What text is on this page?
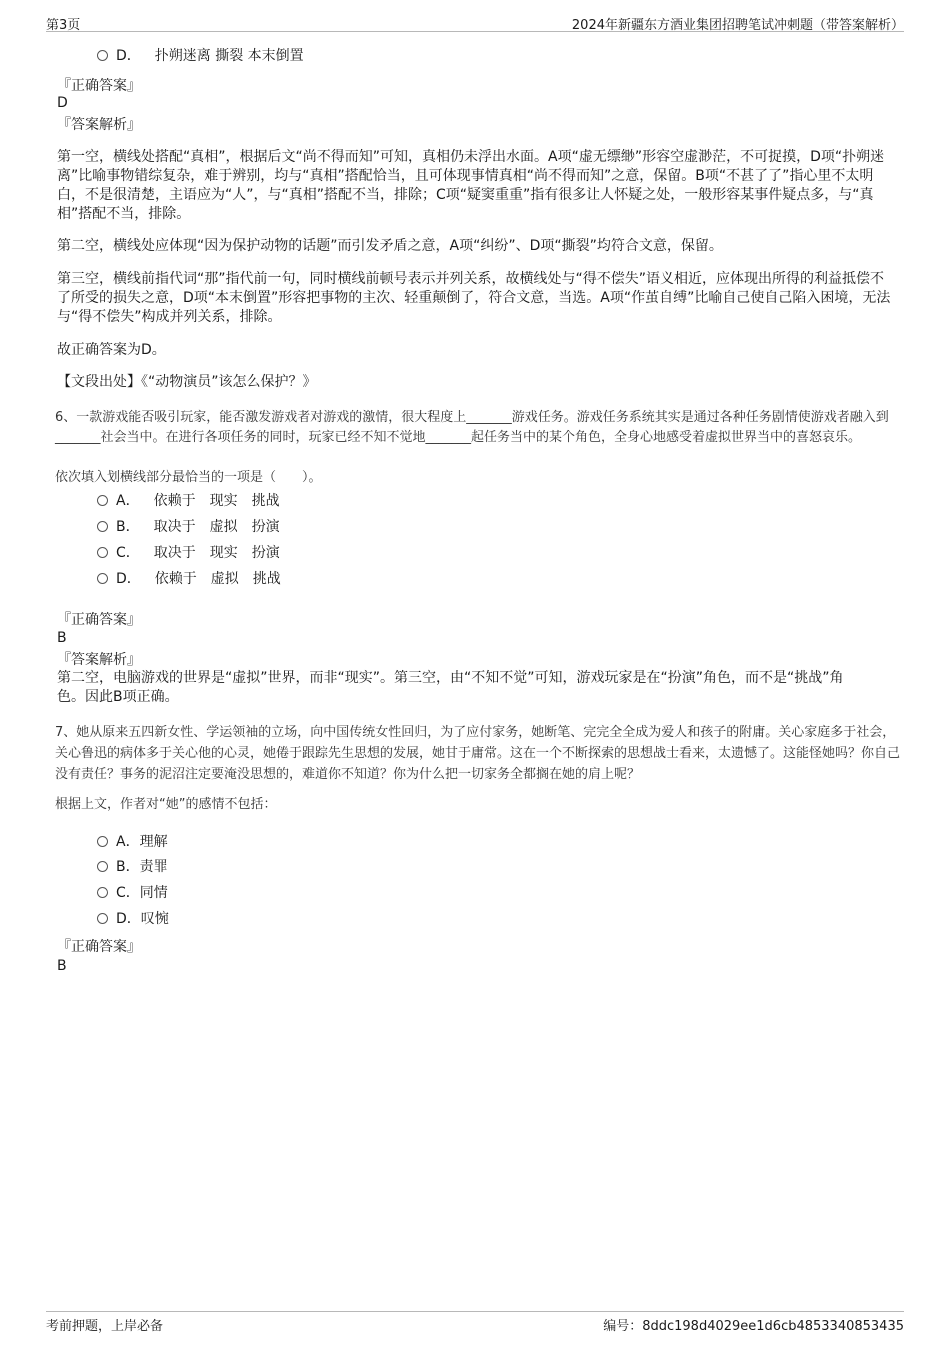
第3页	2024年新疆东方酒业集团招聘笔试冲刺题（带答案解析）
D． 扑朔迷离 撕裂 本末倒置
『正确答案』
D
『答案解析』
第一空，横线处搭配“真相”，根据后文“尚不得而知”可知，真相仍未浮出水面。A项“虚无缥缈”形容空虚渺茫，不可捉摸，D项“扑朔迷离”比喻事物错综复杂，难于辨别，均与“真相”搭配恰当，且可体现事情真相“尚不得而知”之意，保留。B项“不甚了了”指心里不太明白，不是很清楚，主语应为“人”，与“真相”搭配不当，排除；C项“疑窦重重”指有很多让人怀疑之处，一般形容某事件疑点多，与“真相”搭配不当，排除。
第二空，横线处应体现“因为保护动物的话题”而引发矛盾之意，A项“纠纷”、D项“撕裂”均符合文意，保留。
第三空，横线前指代词“那”指代前一句，同时横线前顿号表示并列关系，故横线处与“得不偿失”语义相近，应体现出所得的利益抵偿不了所受的损失之意，D项“本末倒置”形容把事物的主次、轻重颠倒了，符合文意，当选。A项“作茧自缚”比喻自己使自己陷入困境，无法与“得不偿失”构成并列关系，排除。
故正确答案为D。
【文段出处】《“动物演员”该怎么保护？》
6、一款游戏能否吸引玩家，能否激发游戏者对游戏的激情，很大程度上_______游戏任务。游戏任务系统其实是通过各种任务剧情使游戏者融入到_______社会当中。在进行各项任务的同时，玩家已经不知不觉地_______起任务当中的某个角色，全身心地感受着虚拟世界当中的喜怒哀乐。
依次填入划横线部分最恰当的一项是（　　）。
A． 依赖于 现实 挑战
B． 取决于 虚拟 扮演
C． 取决于 现实 扮演
D． 依赖于 虚拟 挑战
『正确答案』
B
『答案解析』
第二空，电脑游戏的世界是“虚拟”世界，而非“现实”。第三空，由“不知不觉”可知，游戏玩家是在“扮演”角色，而不是“挑战”角色。因此B项正确。
7、她从原来五四新女性、学运领袖的立场，向中国传统女性回归，为了应付家务，她断笔、完完全全成为爱人和孩子的附庸。关心家庭多于社会，关心鲁迅的病体多于关心他的心灵，她倦于跟踪先生思想的发展，她甘于庸常。这在一个不断探索的思想战士看来，太遗憾了。这能怪她吗？你自己没有责任？事务的泥沼注定要淹没思想的，难道你不知道？你为什么把一切家务全都搁在她的肩上呢？
根据上文，作者对“她”的感情不包括：
A．理解
B．责罪
C．同情
D．叹惋
『正确答案』
B
考前押题，上岸必备	编号：8ddc198d4029ee1d6cb4853340853435
